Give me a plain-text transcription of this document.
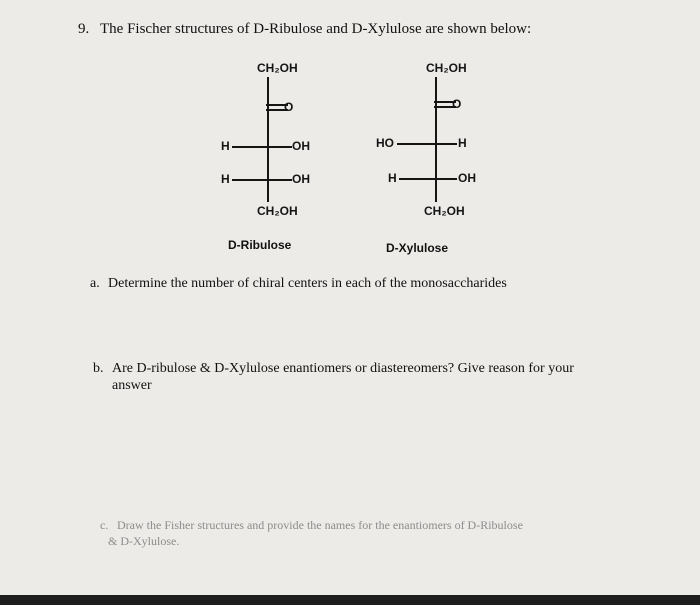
9. The Fischer structures of D-Ribulose and D-Xylulose are shown below:
CH₂OH
O
H	OH
H	OH
CH₂OH
D-Ribulose
CH₂OH
O
HO	H
H	OH
CH₂OH
D-Xylulose
a. Determine the number of chiral centers in each of the monosaccharides
b. Are D-ribulose & D-Xylulose enantiomers or diastereomers? Give reason for your
answer
c. Draw the Fisher structures and provide the names for the enantiomers of D-Ribulose
& D-Xylulose.
